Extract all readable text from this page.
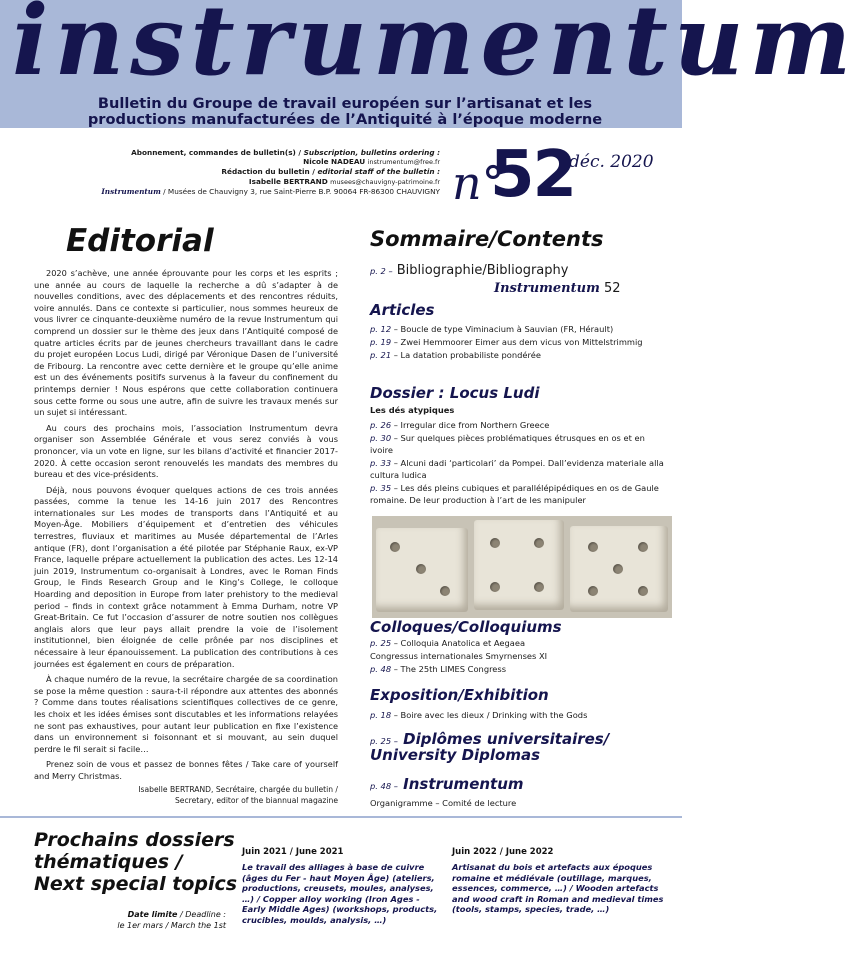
instrumentum
Bulletin du Groupe de travail européen sur l’artisanat et les
productions manufacturées de l’Antiquité à l’époque moderne
Abonnement, commandes de bulletin(s) / Subscription, bulletins ordering :
Nicole NADEAU instrumentum@free.fr
Rédaction du bulletin / editorial staff of the bulletin :
Isabelle BERTRAND musees@chauvigny-patrimoine.fr
Instrumentum / Musées de Chauvigny 3, rue Saint-Pierre B.P. 90064 FR-86300 CHAUVIGNY n°
52
déc. 2020
Editorial

2020 s’achève, une année éprouvante pour les corps et les esprits ; une année au cours de laquelle la recherche a dû s’adapter à de nouvelles conditions, avec des déplacements et des rencontres réduits, voire annulés. Dans ce contexte si particulier, nous sommes heureux de vous livrer ce cinquante-deuxième numéro de la revue Instrumentum qui comprend un dossier sur le thème des jeux dans l’Antiquité composé de quatre articles écrits par de jeunes chercheurs travaillant dans le cadre du projet européen Locus Ludi, dirigé par Véronique Dasen de l’université de Fribourg. La rencontre avec cette dernière et le groupe qu’elle anime est un des événements positifs survenus à la faveur du confinement du printemps dernier ! Nous espérons que cette collaboration continuera sous cette forme ou sous une autre, afin de suivre les travaux menés sur un sujet si intéressant.

Au cours des prochains mois, l’association Instrumentum devra organiser son Assemblée Générale et vous serez conviés à vous prononcer, via un vote en ligne, sur les bilans d’activité et financier 2017-2020. À cette occasion seront renouvelés les mandats des membres du bureau et des vice-présidents.

Déjà, nous pouvons évoquer quelques actions de ces trois années passées, comme la tenue les 14-16 juin 2017 des Rencontres internationales sur Les modes de transports dans l’Antiquité et au Moyen-Âge. Mobiliers d’équipement et d’entretien des véhicules terrestres, fluviaux et maritimes au Musée départemental de l’Arles antique (FR), dont l’organisation a été pilotée par Stéphanie Raux, ex-VP France, laquelle prépare actuellement la publication des actes. Les 12-14 juin 2019, Instrumentum co-organisait à Londres, avec le Roman Finds Group, le Finds Research Group and le King’s College, le colloque Hoarding and deposition in Europe from later prehistory to the medieval period – finds in context grâce notamment à Emma Durham, notre VP Great-Britain. Ce fut l’occasion d’assurer de notre soutien nos collègues anglais alors que leur pays allait prendre la voie de l’isolement institutionnel, bien éloignée de celle prônée par nos disciplines et nécessaire à leur épanouissement. La publication des contributions à ces journées est également en cours de préparation.

À chaque numéro de la revue, la secrétaire chargée de sa coordination se pose la même question : saura-t-il répondre aux attentes des abonnés ? Comme dans toutes réalisations scientifiques collectives de ce genre, les choix et les idées émises sont discutables et les informations relayées ne sont pas exhaustives, pour autant leur publication en fixe l’existence dans un environnement si foisonnant et si mouvant, au sein duquel perdre le fil serait si facile…

Prenez soin de vous et passez de bonnes fêtes / Take care of yourself and Merry Christmas.

Isabelle BERTRAND, Secrétaire, chargée du bulletin /
Secretary, editor of the biannual magazine
Sommaire/Contents
p. 2 – Bibliographie/Bibliography
Instrumentum 52
Articles
p. 12 – Boucle de type Viminacium à Sauvian (FR, Hérault)
p. 19 – Zwei Hemmoorer Eimer aus dem vicus von Mittelstrimmig
p. 21 – La datation probabiliste pondérée
Dossier : Locus Ludi
Les dés atypiques
p. 26 – Irregular dice from Northern Greece
p. 30 – Sur quelques pièces problématiques étrusques en os et en ivoire
p. 33 – Alcuni dadi ‘particolari’ da Pompei. Dall’evidenza materiale alla cultura ludica
p. 35 – Les dés pleins cubiques et parallélépipédiques en os de Gaule romaine. De leur production à l’art de les manipuler
Colloques/Colloquiums
p. 25 – Colloquia Anatolica et Aegaea
Congressus internationales Smyrnenses XI
p. 48 – The 25th LIMES Congress
Exposition/Exhibition
p. 18 – Boire avec les dieux / Drinking with the Gods
p. 25 – Diplômes universitaires/
University Diplomas
p. 48 – Instrumentum
Organigramme – Comité de lecture
Prochains dossiers
thématiques /
Next special topics
Date limite / Deadline :
le 1er mars / March the 1st
Juin 2021 / June 2021
Le travail des alliages à base de cuivre (âges du Fer - haut Moyen Âge) (ateliers, productions, creusets, moules, analyses, …) / Copper alloy working (Iron Ages - Early Middle Ages) (workshops, products, crucibles, moulds, analysis, …)
Juin 2022 / June 2022
Artisanat du bois et artefacts aux époques romaine et médiévale (outillage, marques, essences, commerce, …) / Wooden artefacts and wood craft in Roman and medieval times (tools, stamps, species, trade, …)
